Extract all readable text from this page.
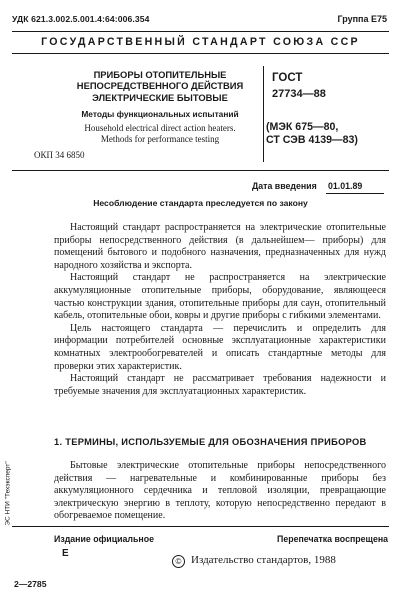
УДК 621.3.002.5.001.4:64:006.354	Группа Е75
ГОСУДАРСТВЕННЫЙ СТАНДАРТ СОЮЗА ССР
ПРИБОРЫ ОТОПИТЕЛЬНЫЕ
НЕПОСРЕДСТВЕННОГО ДЕЙСТВИЯ
ЭЛЕКТРИЧЕСКИЕ БЫТОВЫЕ
Методы функциональных испытаний
Household electrical direct action heaters.
Methods for performance testing
ОКП 34 6850
ГОСТ
27734—88
(МЭК 675—80,
СТ СЭВ 4139—83)
Дата введения 01.01.89
Несоблюдение стандарта преследуется по закону

Настоящий стандарт распространяется на электрические отопительные приборы непосредственного действия (в дальнейшем— приборы) для помещений бытового и подобного назначения, предназначенных для нужд народного хозяйства и экспорта.

Настоящий стандарт не распространяется на электрические аккумуляционные отопительные приборы, оборудование, являющееся частью конструкции здания, отопительные приборы для саун, отопительный кабель, отопительные обои, ковры и другие приборы с гибкими элементами.

Цель настоящего стандарта — перечислить и определить для информации потребителей основные эксплуатационные характеристики комнатных электрообогревателей и описать стандартные методы для проверки этих характеристик.

Настоящий стандарт не рассматривает требования надежности и требуемые значения для эксплуатационных характеристик.

1. ТЕРМИНЫ, ИСПОЛЬЗУЕМЫЕ ДЛЯ ОБОЗНАЧЕНИЯ ПРИБОРОВ

Бытовые электрические отопительные приборы непосредственного действия — нагревательные и комбинированные приборы без аккумуляционного сердечника и тепловой изоляции, превращающие электрическую энергию в теплоту, которую непосредственно передают в обогреваемое помещение.

ЭС НТИ "Техэксперт"
Издание официальное
Е
Перепечатка воспрещена
© Издательство стандартов, 1988
2—2785
